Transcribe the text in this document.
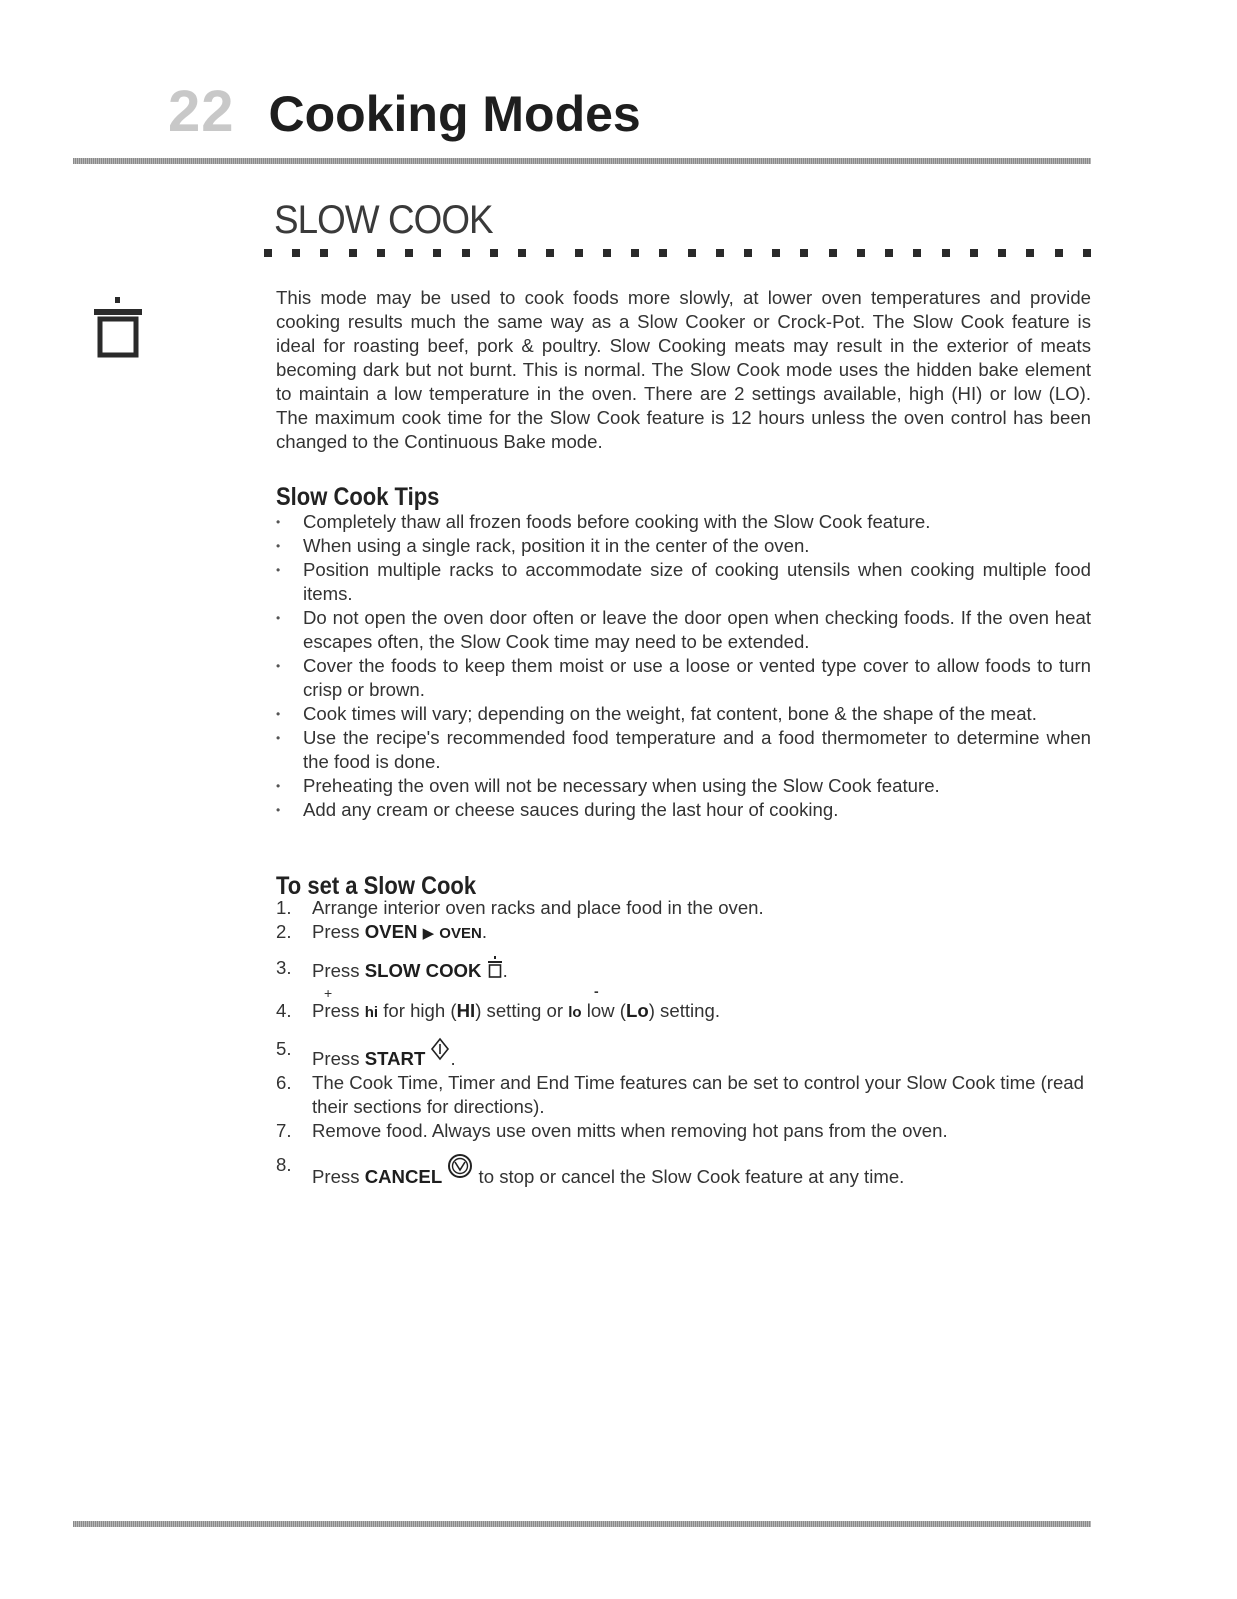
22 Cooking Modes
SLOW COOK
This mode may be used to cook foods more slowly, at lower oven temperatures and provide cooking results much the same way as a Slow Cooker or Crock-Pot. The Slow Cook feature is ideal for roasting beef, pork & poultry. Slow Cooking meats may result in the exterior of meats becoming dark but not burnt. This is normal. The Slow Cook mode uses the hidden bake element to maintain a low temperature in the oven. There are 2 settings available, high (HI) or low (LO). The maximum cook time for the Slow Cook feature is 12 hours unless the oven control has been changed to the Continuous Bake mode.
Slow Cook Tips
• Completely thaw all frozen foods before cooking with the Slow Cook feature.
• When using a single rack, position it in the center of the oven.
• Position multiple racks to accommodate size of cooking utensils when cooking multiple food items.
• Do not open the oven door often or leave the door open when checking foods. If the oven heat escapes often, the Slow Cook time may need to be extended.
• Cover the foods to keep them moist or use a loose or vented type cover to allow foods to turn crisp or brown.
• Cook times will vary; depending on the weight, fat content, bone & the shape of the meat.
• Use the recipe's recommended food temperature and a food thermometer to determine when the food is done.
• Preheating the oven will not be necessary when using the Slow Cook feature.
• Add any cream or cheese sauces during the last hour of cooking.
To set a Slow Cook
1. Arrange interior oven racks and place food in the oven.
2. Press OVEN ▶ OVEN.
3. Press SLOW COOK .
4.
+	-
Press hi for high (HI) setting or lo low (Lo) setting.
5. Press START .
6. The Cook Time, Timer and End Time features can be set to control your Slow Cook time (read their sections for directions).
7. Remove food. Always use oven mitts when removing hot pans from the oven.
8.
Press CANCEL  to stop or cancel the Slow Cook feature at any time.
